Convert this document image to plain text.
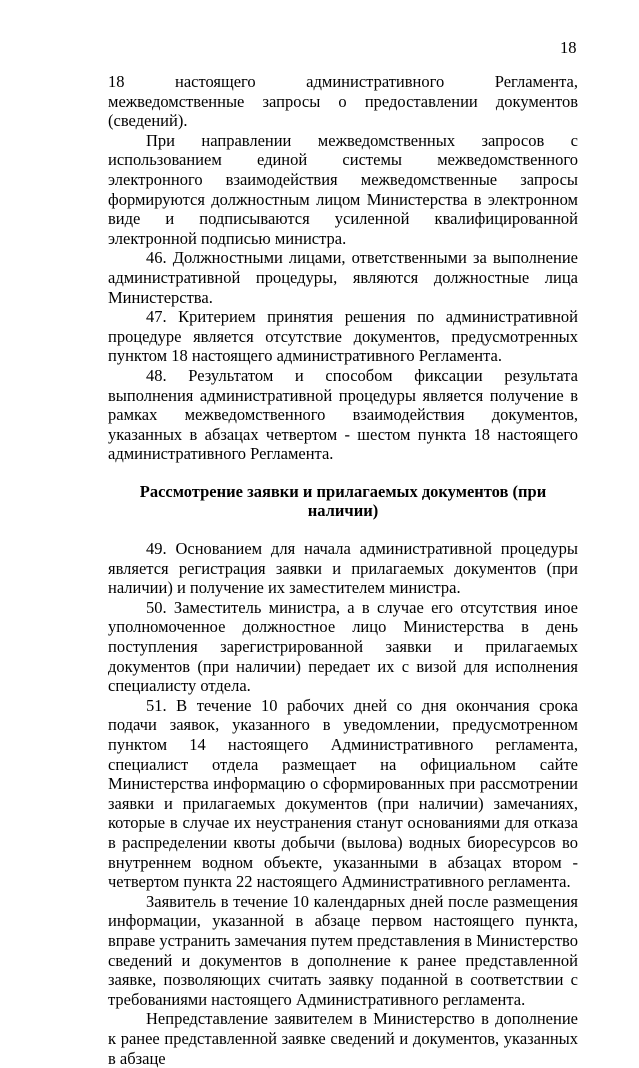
18

18 настоящего административного Регламента, межведомственные запросы о предоставлении документов (сведений).

При направлении межведомственных запросов с использованием единой системы межведомственного электронного взаимодействия межведомственные запросы формируются должностным лицом Министерства в электронном виде и подписываются усиленной квалифицированной электронной подписью министра.

46. Должностными лицами, ответственными за выполнение административной процедуры, являются должностные лица Министерства.

47. Критерием принятия решения по административной процедуре является отсутствие документов, предусмотренных пунктом 18 настоящего административного Регламента.

48. Результатом и способом фиксации результата выполнения административной процедуры является получение в рамках межведомственного взаимодействия документов, указанных в абзацах четвертом - шестом пункта 18 настоящего административного Регламента.

Рассмотрение заявки и прилагаемых документов (при наличии)

49. Основанием для начала административной процедуры является регистрация заявки и прилагаемых документов (при наличии) и получение их заместителем министра.

50. Заместитель министра, а в случае его отсутствия иное уполномоченное должностное лицо Министерства в день поступления зарегистрированной заявки и прилагаемых документов (при наличии) передает их с визой для исполнения специалисту отдела.

51. В течение 10 рабочих дней со дня окончания срока подачи заявок, указанного в уведомлении, предусмотренном пунктом 14 настоящего Административного регламента, специалист отдела размещает на официальном сайте Министерства информацию о сформированных при рассмотрении заявки и прилагаемых документов (при наличии) замечаниях, которые в случае их неустранения станут основаниями для отказа в распределении квоты добычи (вылова) водных биоресурсов во внутреннем водном объекте, указанными в абзацах втором - четвертом пункта 22 настоящего Административного регламента.

Заявитель в течение 10 календарных дней после размещения информации, указанной в абзаце первом настоящего пункта, вправе устранить замечания путем представления в Министерство сведений и документов в дополнение к ранее представленной заявке, позволяющих считать заявку поданной в соответствии с требованиями настоящего Административного регламента.

Непредставление заявителем в Министерство в дополнение к ранее представленной заявке сведений и документов, указанных в абзаце
